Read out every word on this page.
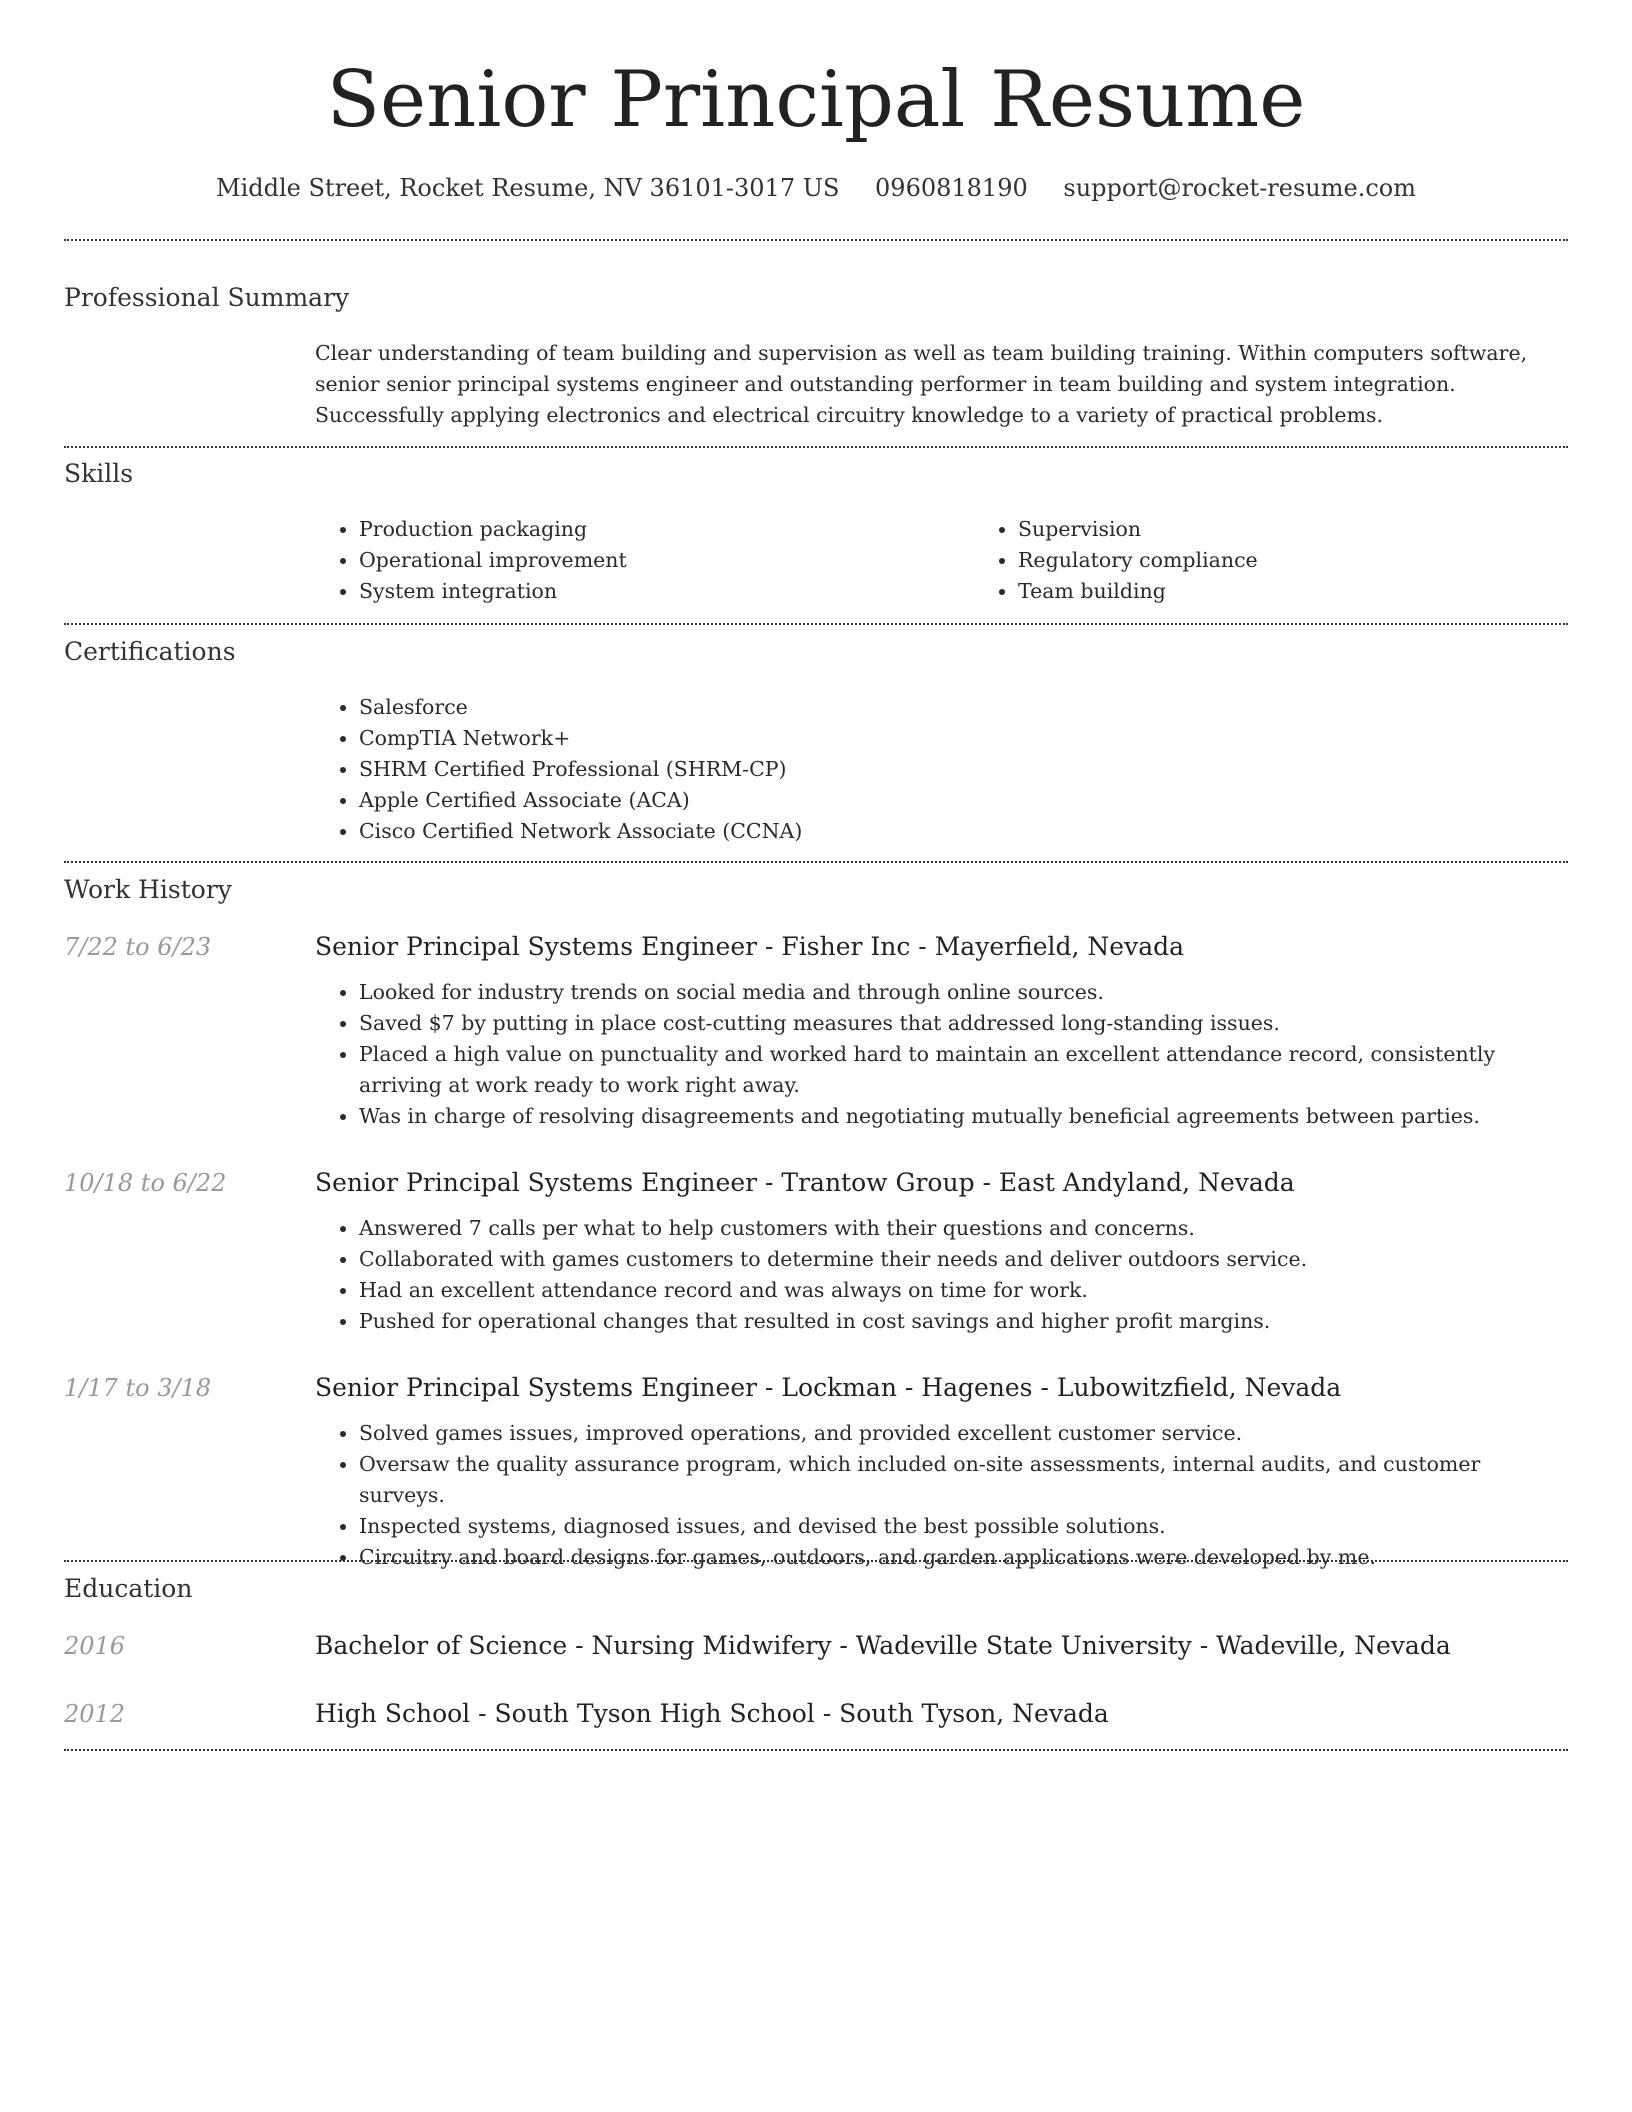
Senior Principal Resume
Middle Street, Rocket Resume, NV 36101-3017 US 0960818190 support@rocket-resume.com
Professional Summary

Clear understanding of team building and supervision as well as team building training. Within computers software, senior senior principal systems engineer and outstanding performer in team building and system integration. Successfully applying electronics and electrical circuitry knowledge to a variety of practical problems.

Skills
• Production packaging
• Operational improvement
• System integration
• Supervision
• Regulatory compliance
• Team building
Certifications
• Salesforce
• CompTIA Network+
• SHRM Certified Professional (SHRM-CP)
• Apple Certified Associate (ACA)
• Cisco Certified Network Associate (CCNA)
Work History
7/22 to 6/23	Senior Principal Systems Engineer - Fisher Inc - Mayerfield, Nevada
• Looked for industry trends on social media and through online sources.
• Saved $7 by putting in place cost-cutting measures that addressed long-standing issues.
• Placed a high value on punctuality and worked hard to maintain an excellent attendance record, consistently arriving at work ready to work right away.
• Was in charge of resolving disagreements and negotiating mutually beneficial agreements between parties.
10/18 to 6/22	Senior Principal Systems Engineer - Trantow Group - East Andyland, Nevada
• Answered 7 calls per what to help customers with their questions and concerns.
• Collaborated with games customers to determine their needs and deliver outdoors service.
• Had an excellent attendance record and was always on time for work.
• Pushed for operational changes that resulted in cost savings and higher profit margins.
1/17 to 3/18	Senior Principal Systems Engineer - Lockman - Hagenes - Lubowitzfield, Nevada
• Solved games issues, improved operations, and provided excellent customer service.
• Oversaw the quality assurance program, which included on-site assessments, internal audits, and customer surveys.
• Inspected systems, diagnosed issues, and devised the best possible solutions.
• Circuitry and board designs for games, outdoors, and garden applications were developed by me.
Education
2016	Bachelor of Science - Nursing Midwifery - Wadeville State University - Wadeville, Nevada
2012	High School - South Tyson High School - South Tyson, Nevada
